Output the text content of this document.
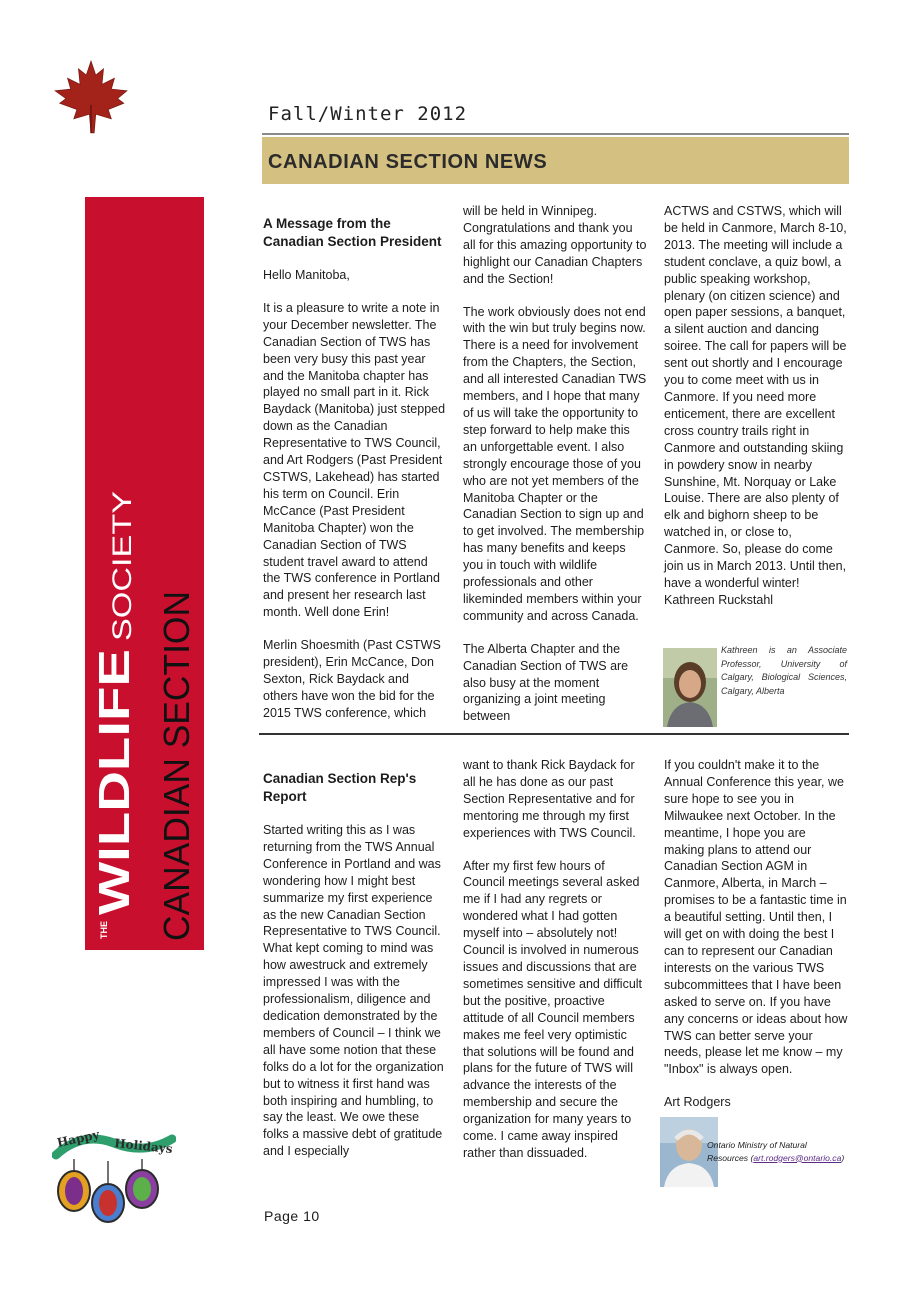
THE
WILDLIFE
SOCIETY
CANADIAN SECTION
Happy Holidays
Fall/Winter 2012
CANADIAN SECTION NEWS
A Message from the Canadian Section President

Hello Manitoba,

It is a pleasure to write a note in your December newsletter. The Canadian Section of TWS has been very busy this past year and the Manitoba chapter has played no small part in it. Rick Baydack (Manitoba) just stepped down as the Canadian Representative to TWS Council, and Art Rodgers (Past President CSTWS, Lakehead) has started his term on Council. Erin McCance (Past President Manitoba Chapter) won the Canadian Section of TWS student travel award to attend the TWS conference in Portland and present her research last month. Well done Erin!

Merlin Shoesmith (Past CSTWS president), Erin McCance, Don Sexton, Rick Baydack and others have won the bid for the 2015 TWS conference, which

will be held in Winnipeg. Congratulations and thank you all for this amazing opportunity to highlight our Canadian Chapters and the Section!

The work obviously does not end with the win but truly begins now. There is a need for involvement from the Chapters, the Section, and all interested Canadian TWS members, and I hope that many of us will take the opportunity to step forward to help make this an unforgettable event. I also strongly encourage those of you who are not yet members of the Manitoba Chapter or the Canadian Section to sign up and to get involved. The membership has many benefits and keeps you in touch with wildlife professionals and other likeminded members within your community and across Canada.

The Alberta Chapter and the Canadian Section of TWS are also busy at the moment organizing a joint meeting between

ACTWS and CSTWS, which will be held in Canmore, March 8-10, 2013. The meeting will include a student conclave, a quiz bowl, a public speaking workshop, plenary (on citizen science) and open paper sessions, a banquet, a silent auction and dancing soiree. The call for papers will be sent out shortly and I encourage you to come meet with us in Canmore. If you need more enticement, there are excellent cross country trails right in Canmore and outstanding skiing in powdery snow in nearby Sunshine, Mt. Norquay or Lake Louise. There are also plenty of elk and bighorn sheep to be watched in, or close to, Canmore. So, please do come join us in March 2013. Until then, have a wonderful winter!

Kathreen Ruckstahl
Kathreen is an Associate Professor, University of Calgary, Biological Sciences, Calgary, Alberta
Canadian Section Rep's Report

Started writing this as I was returning from the TWS Annual Conference in Portland and was wondering how I might best summarize my first experience as the new Canadian Section Representative to TWS Council. What kept coming to mind was how awestruck and extremely impressed I was with the professionalism, diligence and dedication demonstrated by the members of Council – I think we all have some notion that these folks do a lot for the organization but to witness it first hand was both inspiring and humbling, to say the least. We owe these folks a massive debt of gratitude and I especially

want to thank Rick Baydack for all he has done as our past Section Representative and for mentoring me through my first experiences with TWS Council.

After my first few hours of Council meetings several asked me if I had any regrets or wondered what I had gotten myself into – absolutely not! Council is involved in numerous issues and discussions that are sometimes sensitive and difficult but the positive, proactive attitude of all Council members makes me feel very optimistic that solutions will be found and plans for the future of TWS will advance the interests of the membership and secure the organization for many years to come. I came away inspired rather than dissuaded.

If you couldn't make it to the Annual Conference this year, we sure hope to see you in Milwaukee next October. In the meantime, I hope you are making plans to attend our Canadian Section AGM in Canmore, Alberta, in March – promises to be a fantastic time in a beautiful setting. Until then, I will get on with doing the best I can to represent our Canadian interests on the various TWS subcommittees that I have been asked to serve on. If you have any concerns or ideas about how TWS can better serve your needs, please let me know – my "Inbox" is always open.

Art Rodgers
Ontario Ministry of Natural Resources (art.rodgers@ontario.ca)
Page 10
